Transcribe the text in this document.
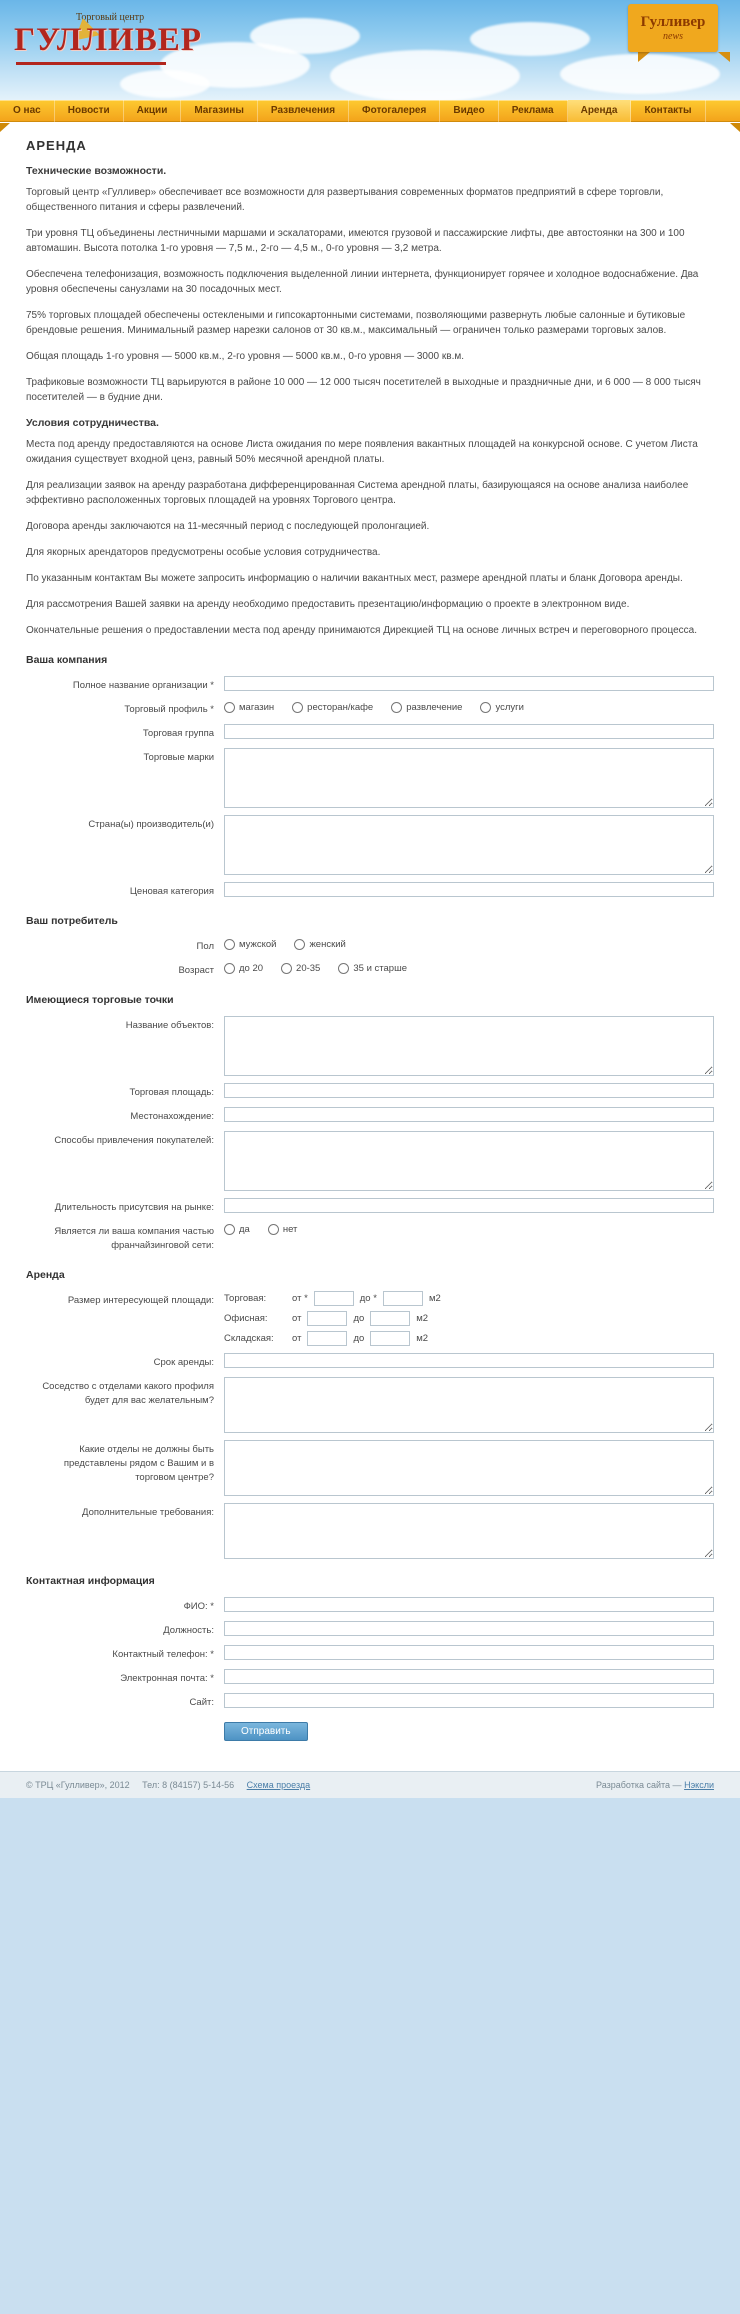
Торговый центр
ГУЛЛИВЕР	Гулливер
news
О нас	Новости	Акции	Магазины	Развлечения	Фотогалерея	Видео	Реклама	Аренда	Контакты
АРЕНДА
Технические возможности.

Торговый центр «Гулливер» обеспечивает все возможности для развертывания современных форматов предприятий в сфере торговли, общественного питания и сферы развлечений.

Три уровня ТЦ объединены лестничными маршами и эскалаторами, имеются грузовой и пассажирские лифты, две автостоянки на 300 и 100 автомашин. Высота потолка 1-го уровня — 7,5 м., 2-го — 4,5 м., 0-го уровня — 3,2 метра.

Обеспечена телефонизация, возможность подключения выделенной линии интернета, функционирует горячее и холодное водоснабжение. Два уровня обеспечены санузлами на 30 посадочных мест.

75% торговых площадей обеспечены остеклеными и гипсокартонными системами, позволяющими развернуть любые салонные и бутиковые брендовые решения. Минимальный размер нарезки салонов от 30 кв.м., максимальный — ограничен только размерами торговых залов.

Общая площадь 1-го уровня — 5000 кв.м., 2-го уровня — 5000 кв.м., 0-го уровня — 3000 кв.м.

Трафиковые возможности ТЦ варьируются в районе 10 000 — 12 000 тысяч посетителей в выходные и праздничные дни, и 6 000 — 8 000 тысяч посетителей — в будние дни.

Условия сотрудничества.

Места под аренду предоставляются на основе Листа ожидания по мере появления вакантных площадей на конкурсной основе. С учетом Листа ожидания существует входной ценз, равный 50% месячной арендной платы.

Для реализации заявок на аренду разработана дифференцированная Система арендной платы, базирующаяся на основе анализа наиболее эффективно расположенных торговых площадей на уровнях Торгового центра.

Договора аренды заключаются на 11-месячный период с последующей пролонгацией.

Для якорных арендаторов предусмотрены особые условия сотрудничества.

По указанным контактам Вы можете запросить информацию о наличии вакантных мест, размере арендной платы и бланк Договора аренды.

Для рассмотрения Вашей заявки на аренду необходимо предоставить презентацию/информацию о проекте в электронном виде.

Окончательные решения о предоставлении места под аренду принимаются Дирекцией ТЦ на основе личных встреч и переговорного процесса.

Ваша компания
Полное название организации *
Торговый профиль *	магазин	ресторан/кафе	развлечение	услуги
Торговая группа
Торговые марки
Страна(ы) производитель(и)
Ценовая категория
Ваш потребитель
Пол	мужской	женский
Возраст	до 20	20-35	35 и старше
Имеющиеся торговые точки
Название объектов:
Торговая площадь:
Местонахождение:
Способы привлечения покупателей:
Длительность присутсвия на рынке:
Является ли ваша компания частью франчайзинговой сети:
да	нет
Аренда
Размер интересующей площади:	Торговая:	от *	до *	м2
Офисная:	от	до	м2
Складская:	от	до	м2
Срок аренды:
Соседство с отделами какого профиля будет для вас желательным?
Какие отделы не должны быть представлены рядом с Вашим и в торговом центре?
Дополнительные требования:
Контактная информация
ФИО: *
Должность:
Контактный телефон: *
Электронная почта: *
Сайт:
Отправить
© ТРЦ «Гулливер», 2012 Тел: 8 (84157) 5-14-56 Схема проезда	Разработка сайта — Нэксли
